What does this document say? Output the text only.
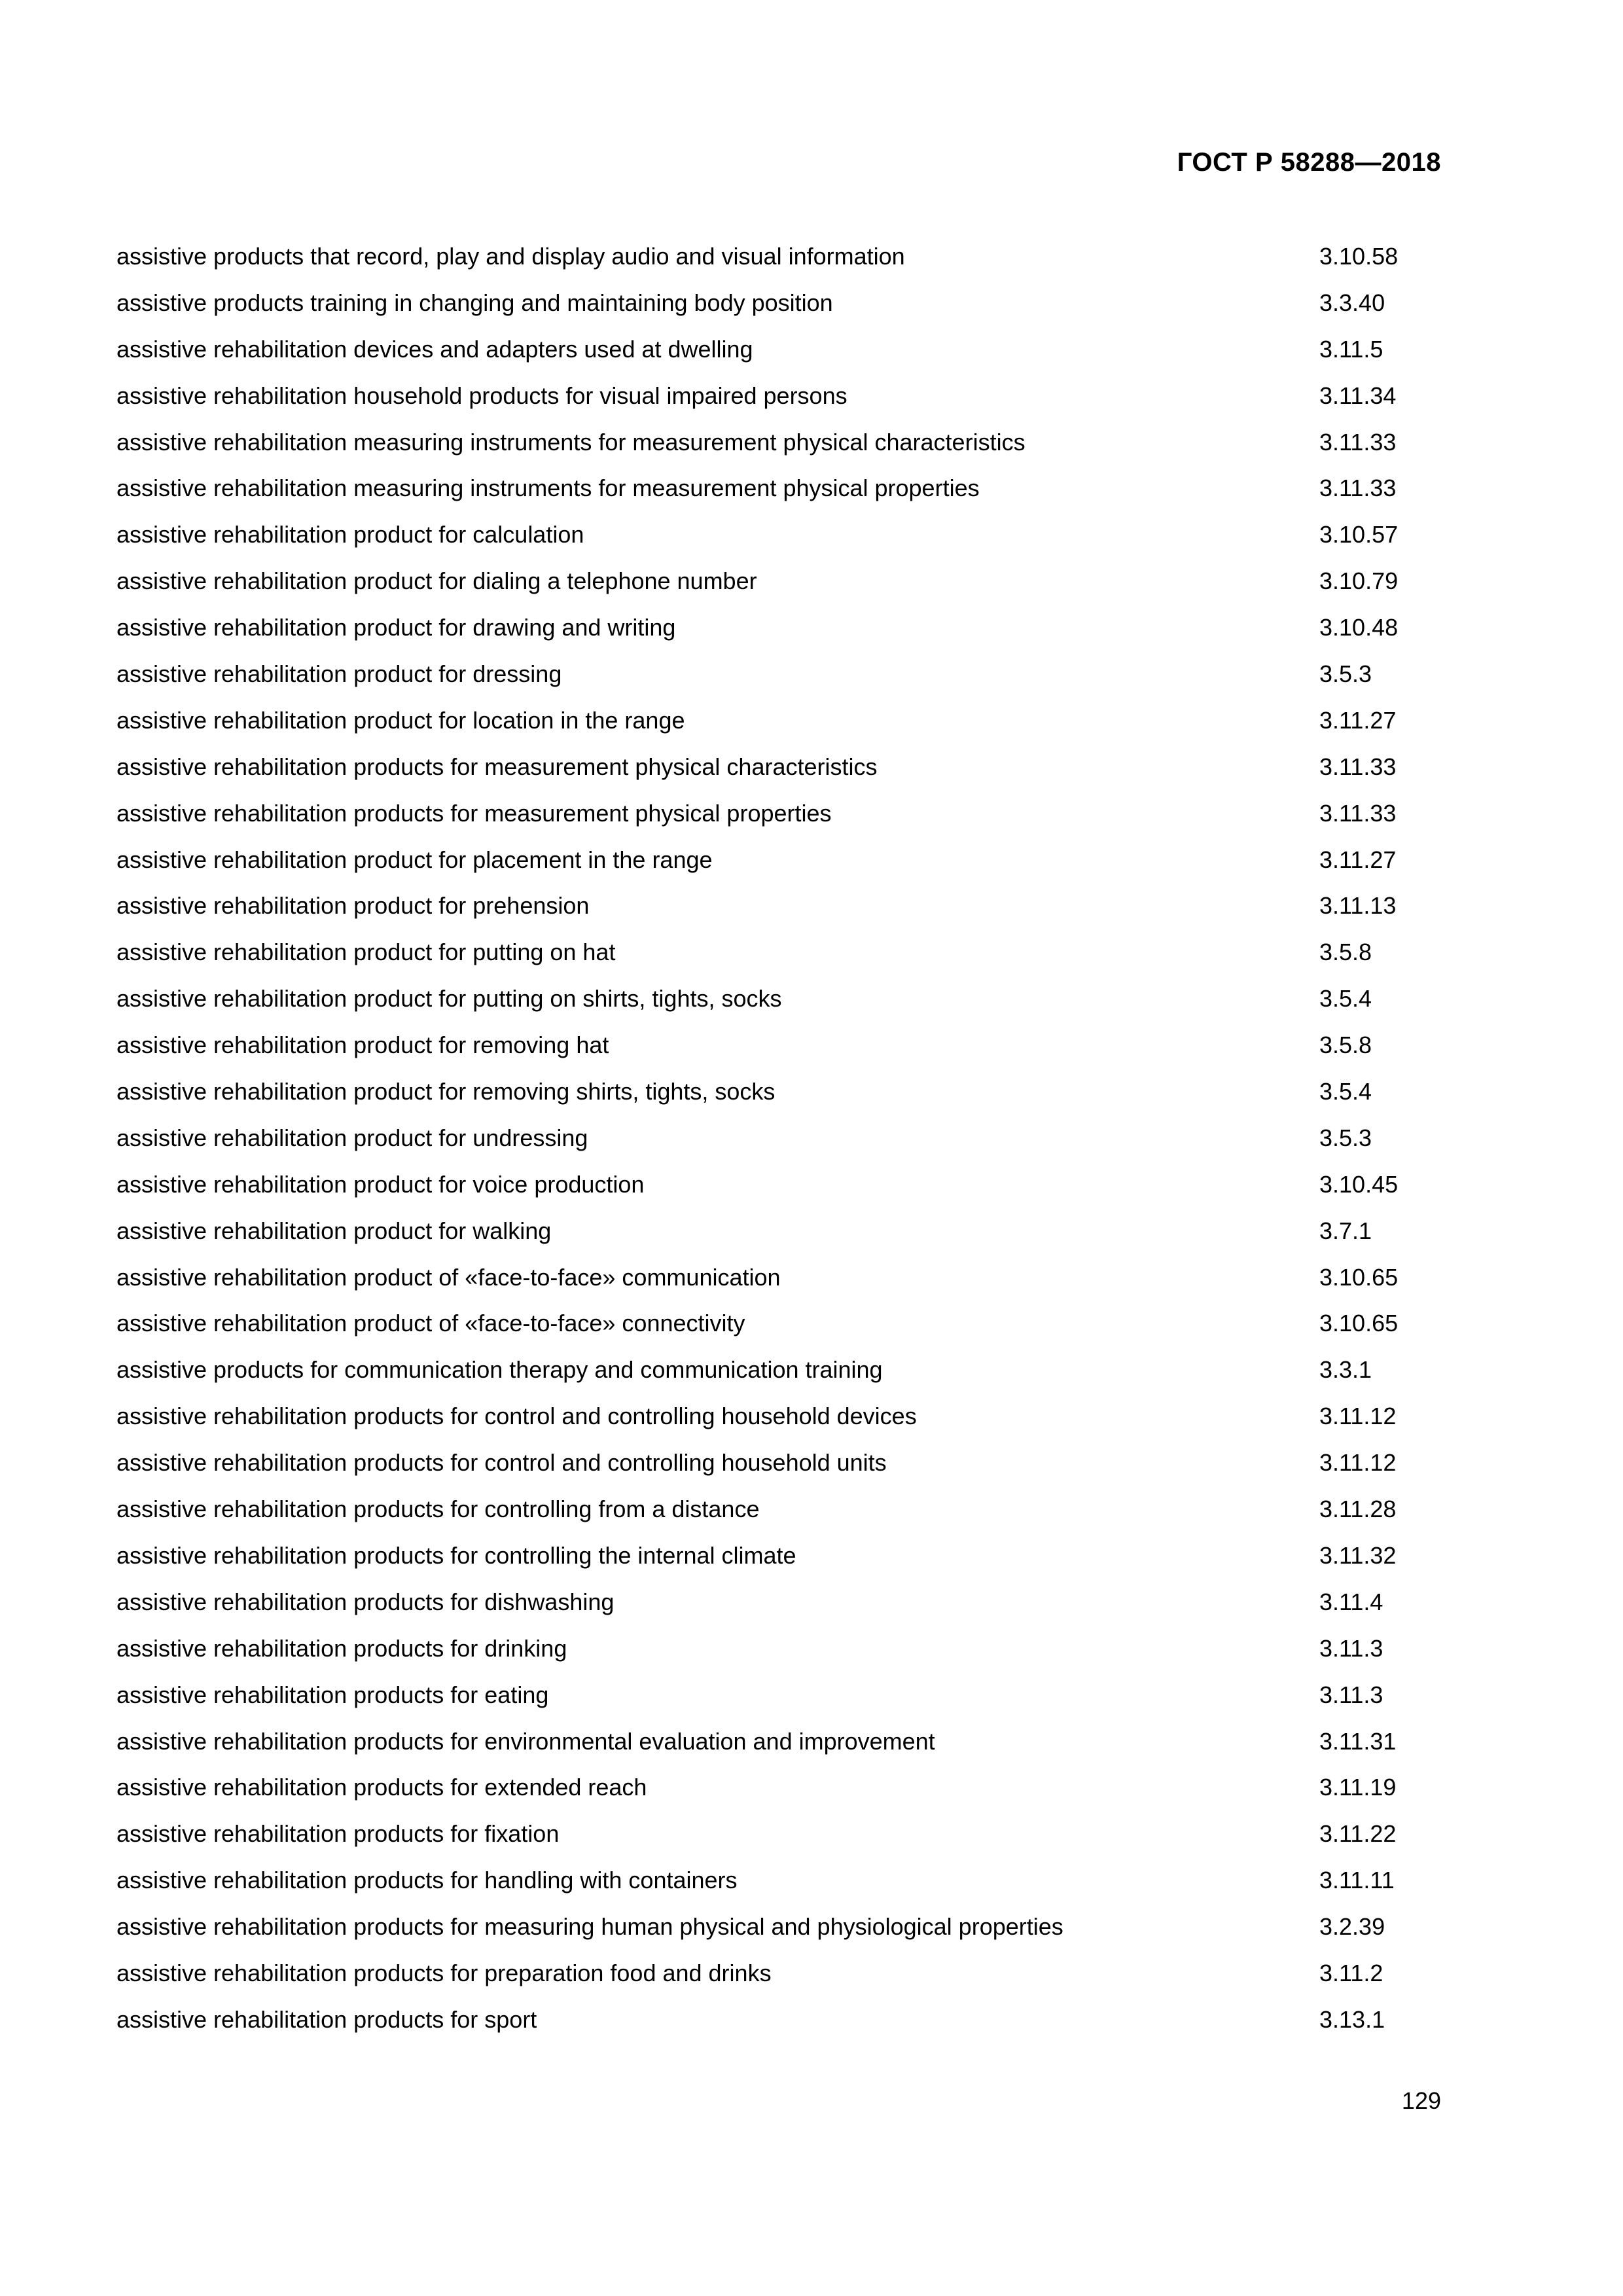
ГОСТ Р 58288—2018
assistive products that record, play and display audio and visual information	3.10.58
assistive products training in changing and maintaining body position	3.3.40
assistive rehabilitation devices and adapters used at dwelling	3.11.5
assistive rehabilitation household products for visual impaired persons	3.11.34
assistive rehabilitation measuring instruments for measurement physical characteristics	3.11.33
assistive rehabilitation measuring instruments for measurement physical properties	3.11.33
assistive rehabilitation product for calculation	3.10.57
assistive rehabilitation product for dialing a telephone number	3.10.79
assistive rehabilitation product for drawing and writing	3.10.48
assistive rehabilitation product for dressing	3.5.3
assistive rehabilitation product for location in the range	3.11.27
assistive rehabilitation products for measurement physical characteristics	3.11.33
assistive rehabilitation products for measurement physical properties	3.11.33
assistive rehabilitation product for placement in the range	3.11.27
assistive rehabilitation product for prehension	3.11.13
assistive rehabilitation product for putting on hat	3.5.8
assistive rehabilitation product for putting on shirts, tights, socks	3.5.4
assistive rehabilitation product for removing hat	3.5.8
assistive rehabilitation product for removing shirts, tights, socks	3.5.4
assistive rehabilitation product for undressing	3.5.3
assistive rehabilitation product for voice production	3.10.45
assistive rehabilitation product for walking	3.7.1
assistive rehabilitation product of «face-to-face» communication	3.10.65
assistive rehabilitation product of «face-to-face» connectivity	3.10.65
assistive products for communication therapy and communication training	3.3.1
assistive rehabilitation products for control and controlling household devices	3.11.12
assistive rehabilitation products for control and controlling household units	3.11.12
assistive rehabilitation products for controlling from a distance	3.11.28
assistive rehabilitation products for controlling the internal climate	3.11.32
assistive rehabilitation products for dishwashing	3.11.4
assistive rehabilitation products for drinking	3.11.3
assistive rehabilitation products for eating	3.11.3
assistive rehabilitation products for environmental evaluation and improvement	3.11.31
assistive rehabilitation products for extended reach	3.11.19
assistive rehabilitation products for fixation	3.11.22
assistive rehabilitation products for handling with containers	3.11.11
assistive rehabilitation products for measuring human physical and physiological properties	3.2.39
assistive rehabilitation products for preparation food and drinks	3.11.2
assistive rehabilitation products for sport	3.13.1
129
